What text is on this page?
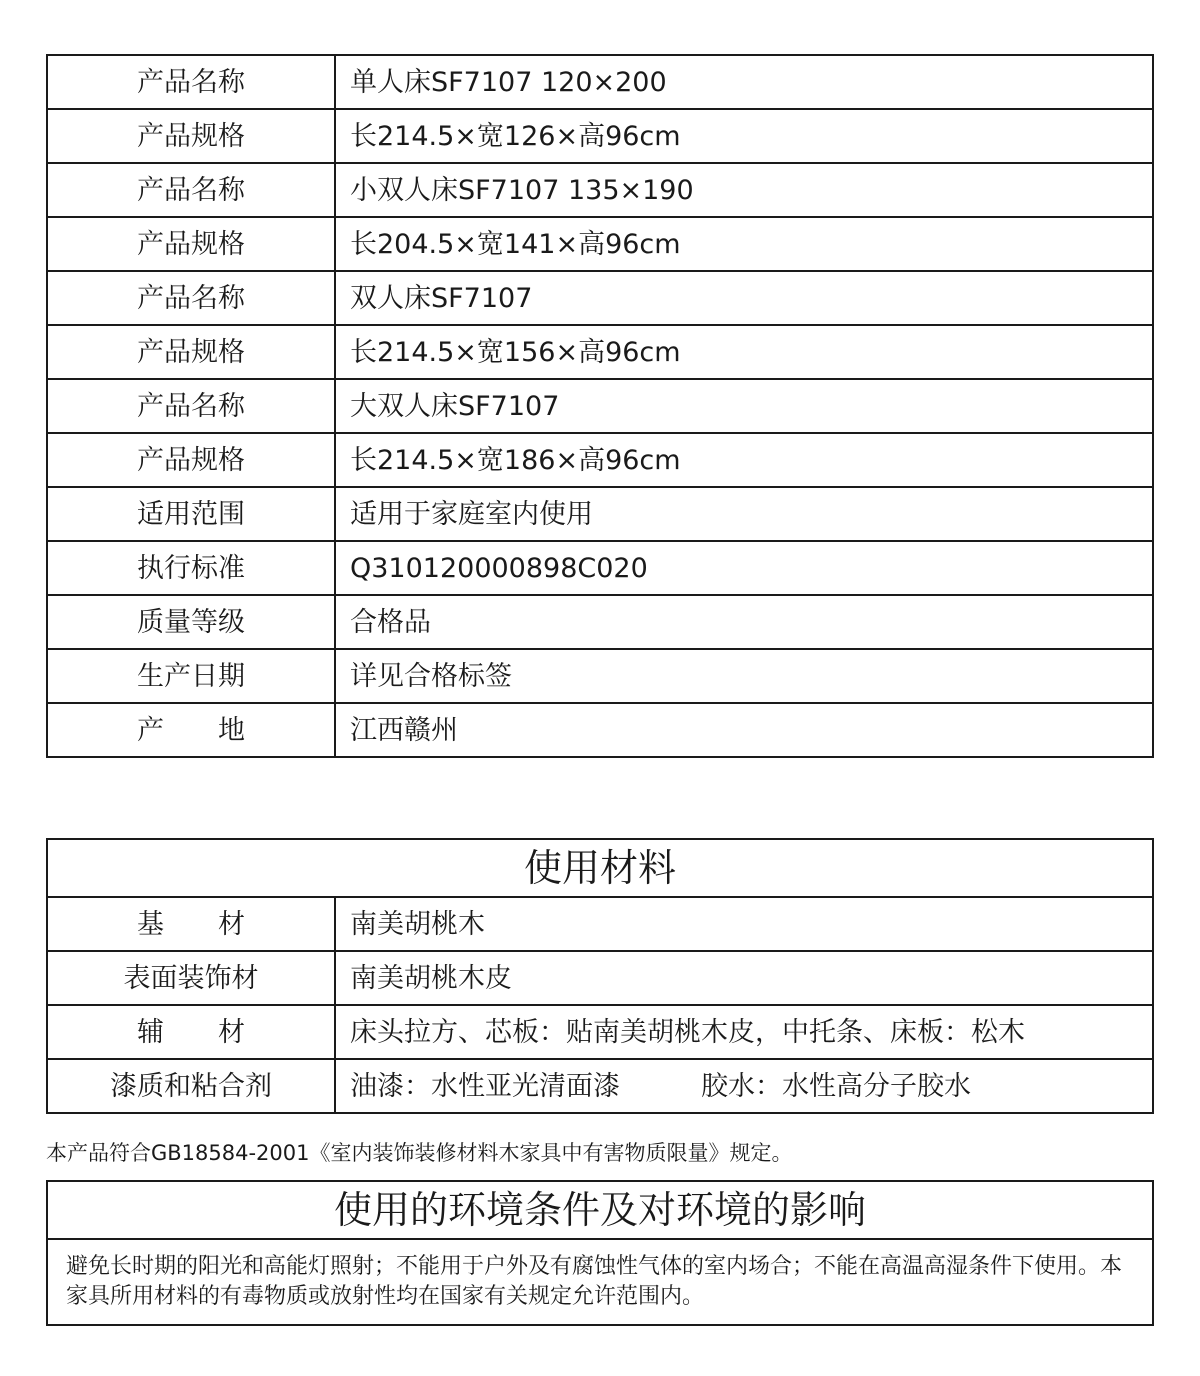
产品名称	单人床SF7107 120×200
产品规格	长214.5×宽126×高96cm
产品名称	小双人床SF7107 135×190
产品规格	长204.5×宽141×高96cm
产品名称	双人床SF7107
产品规格	长214.5×宽156×高96cm
产品名称	大双人床SF7107
产品规格	长214.5×宽186×高96cm
适用范围	适用于家庭室内使用
执行标准	Q310120000898C020
质量等级	合格品
生产日期	详见合格标签
产　　地	江西赣州
使用材料	
基　　材	南美胡桃木
表面装饰材	南美胡桃木皮
辅　　材	床头拉方、芯板：贴南美胡桃木皮，中托条、床板：松木
漆质和粘合剂	油漆：水性亚光清面漆　　　胶水：水性高分子胶水
本产品符合GB18584-2001《室内装饰装修材料木家具中有害物质限量》规定。
使用的环境条件及对环境的影响
避免长时期的阳光和高能灯照射；不能用于户外及有腐蚀性气体的室内场合；不能在高温高湿条件下使用。本家具所用材料的有毒物质或放射性均在国家有关规定允许范围内。
